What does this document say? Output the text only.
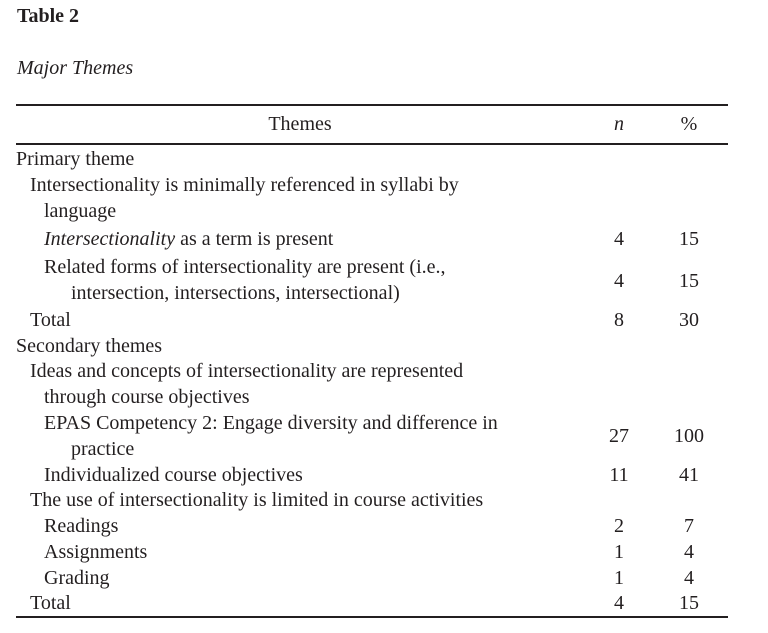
Table 2
Major Themes
Themes	n	%
Primary theme
Intersectionality is minimally referenced in syllabi by
language
Intersectionality as a term is present	4	15
Related forms of intersectionality are present (i.e.,
intersection, intersections, intersectional)
4	15
Total	8	30
Secondary themes
Ideas and concepts of intersectionality are represented
through course objectives
EPAS Competency 2: Engage diversity and difference in
practice
27	100
Individualized course objectives	11	41
The use of intersectionality is limited in course activities
Readings	2	7
Assignments	1	4
Grading	1	4
Total	4	15
